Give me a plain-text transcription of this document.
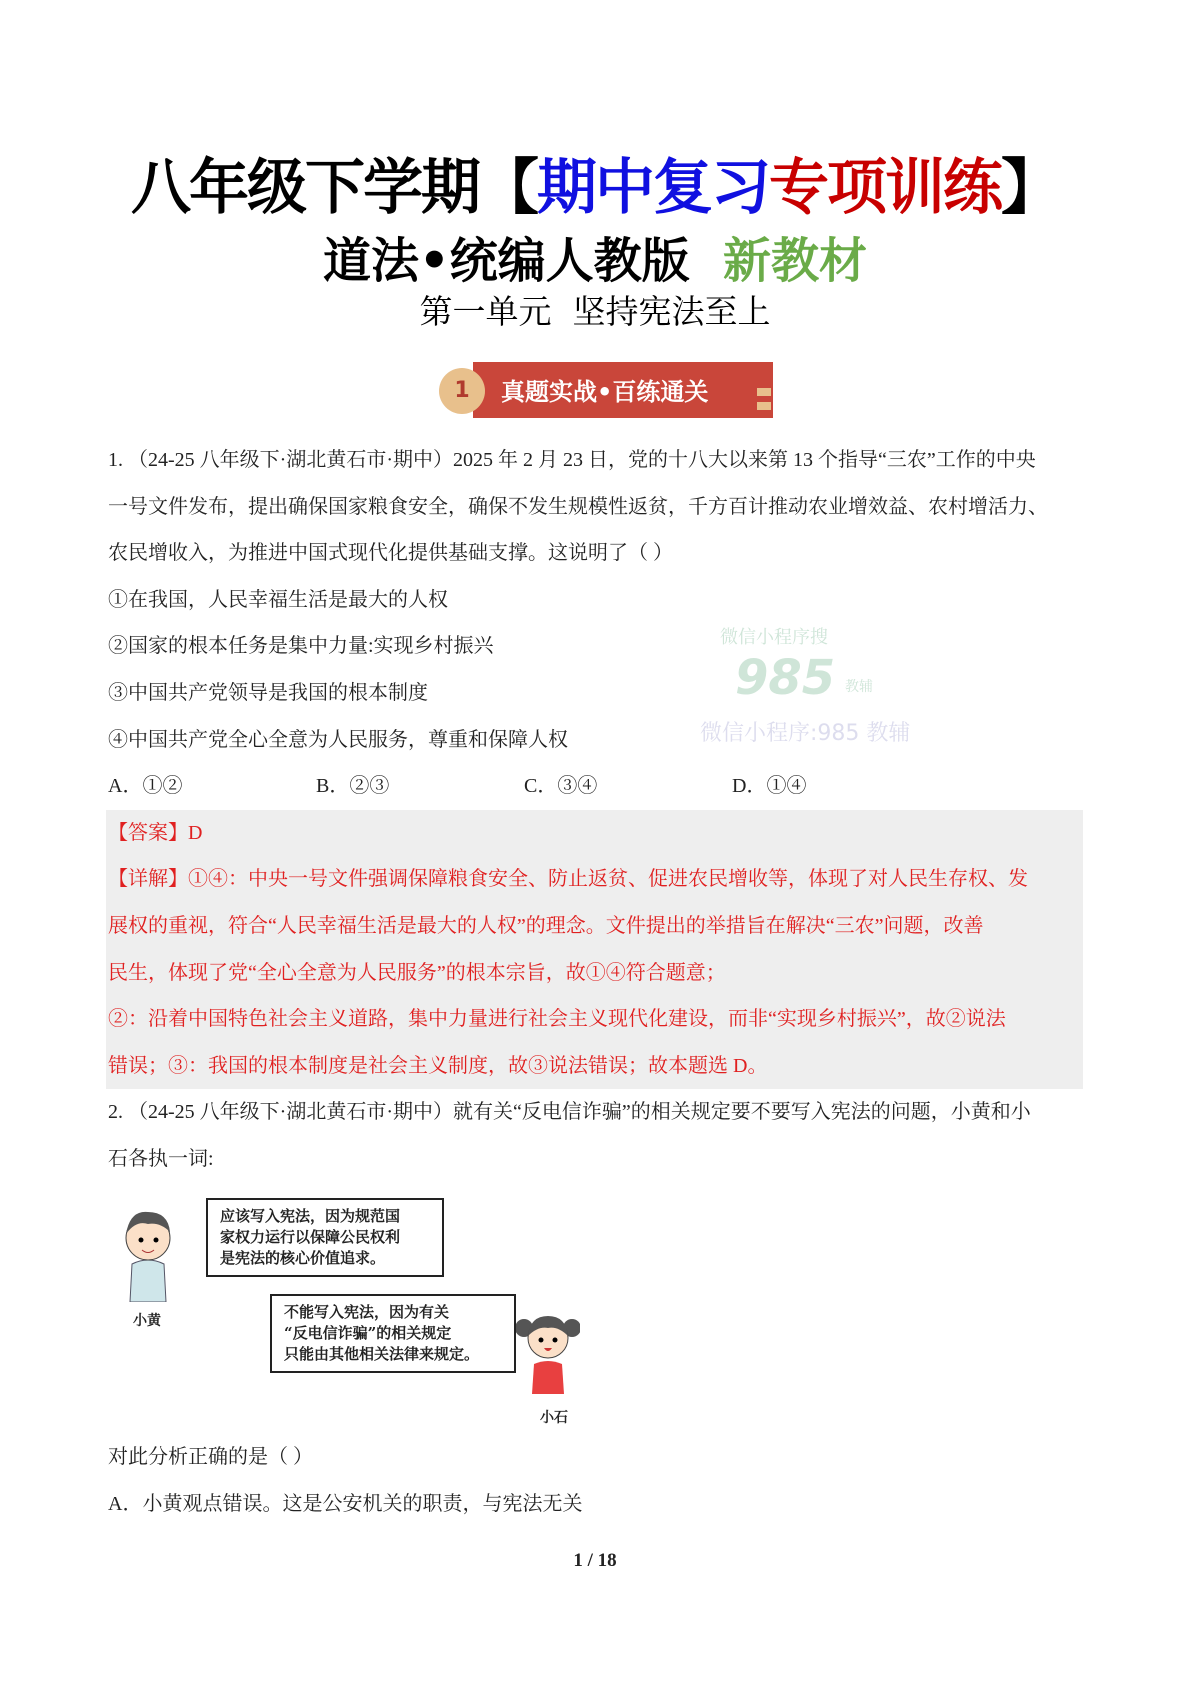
八年级下学期【期中复习专项训练】
道法•统编人教版 新教材
第一单元  坚持宪法至上
1	真题实战•百练通关
微信小程序搜
985 教辅
微信小程序:985 教辅
1. （24-25 八年级下·湖北黄石市·期中）2025 年 2 月 23 日，党的十八大以来第 13 个指导“三农”工作的中央
一号文件发布，提出确保国家粮食安全，确保不发生规模性返贫，千方百计推动农业增效益、农村增活力、
农民增收入，为推进中国式现代化提供基础支撑。这说明了（ ）
①在我国，人民幸福生活是最大的人权
②国家的根本任务是集中力量:实现乡村振兴
③中国共产党领导是我国的根本制度
④中国共产党全心全意为人民服务，尊重和保障人权
A．①②	B．②③	C．③④	D．①④
【答案】D
【详解】①④：中央一号文件强调保障粮食安全、防止返贫、促进农民增收等，体现了对人民生存权、发
展权的重视，符合“人民幸福生活是最大的人权”的理念。文件提出的举措旨在解决“三农”问题，改善
民生，体现了党“全心全意为人民服务”的根本宗旨，故①④符合题意；
②：沿着中国特色社会主义道路，集中力量进行社会主义现代化建设，而非“实现乡村振兴”，故②说法
错误；③：我国的根本制度是社会主义制度，故③说法错误；故本题选 D。
2. （24-25 八年级下·湖北黄石市·期中）就有关“反电信诈骗”的相关规定要不要写入宪法的问题，小黄和小
石各执一词:
小黄
应该写入宪法，因为规范国
家权力运行以保障公民权利
是宪法的核心价值追求。
不能写入宪法，因为有关
“反电信诈骗”的相关规定
只能由其他相关法律来规定。
小石
对此分析正确的是（ ）
A．小黄观点错误。这是公安机关的职责，与宪法无关
1 / 18
